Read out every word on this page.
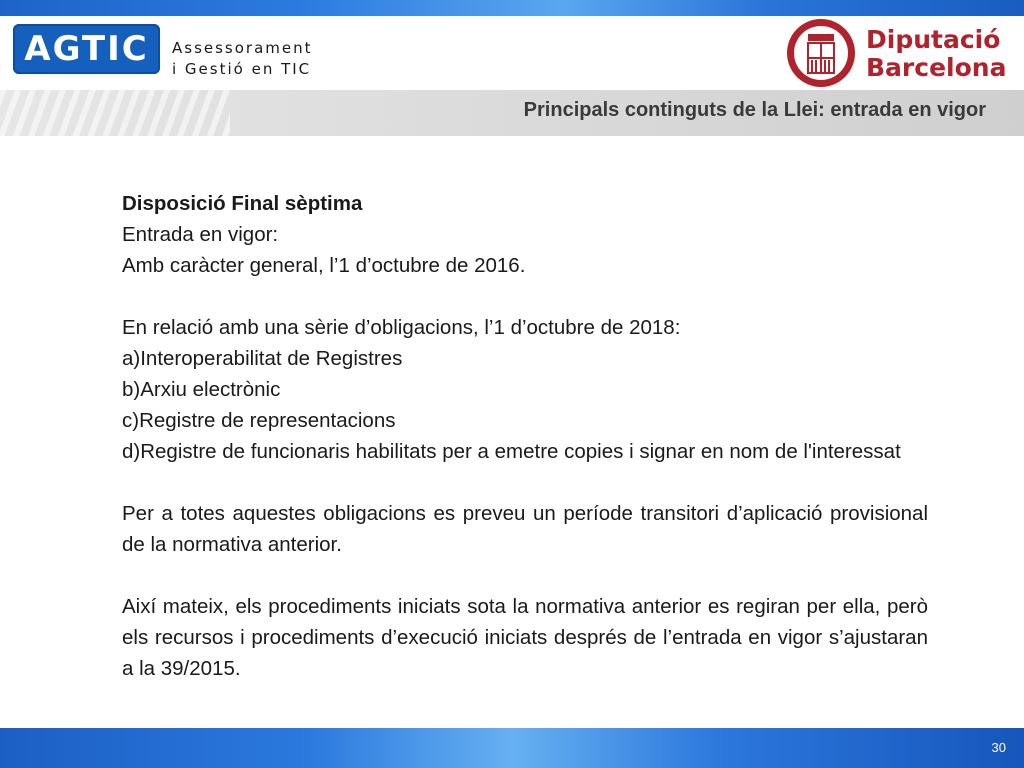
AGTIC Assessorament
i Gestió en TIC
Diputació
Barcelona
Principals continguts de la Llei: entrada en vigor

Disposició Final sèptima

Entrada en vigor:

Amb caràcter general, l’1 d’octubre de 2016.

En relació amb una sèrie d’obligacions, l’1 d’octubre de 2018:

a)Interoperabilitat de Registres

b)Arxiu electrònic

c)Registre de representacions

d)Registre de funcionaris habilitats per a emetre copies i signar en nom de l'interessat

Per a totes aquestes obligacions es preveu un període transitori d’aplicació provisional de la normativa anterior.

Així mateix, els procediments iniciats sota la normativa anterior es regiran per ella, però els recursos i procediments d’execució iniciats després de l’entrada en vigor s’ajustaran a la 39/2015.

30
